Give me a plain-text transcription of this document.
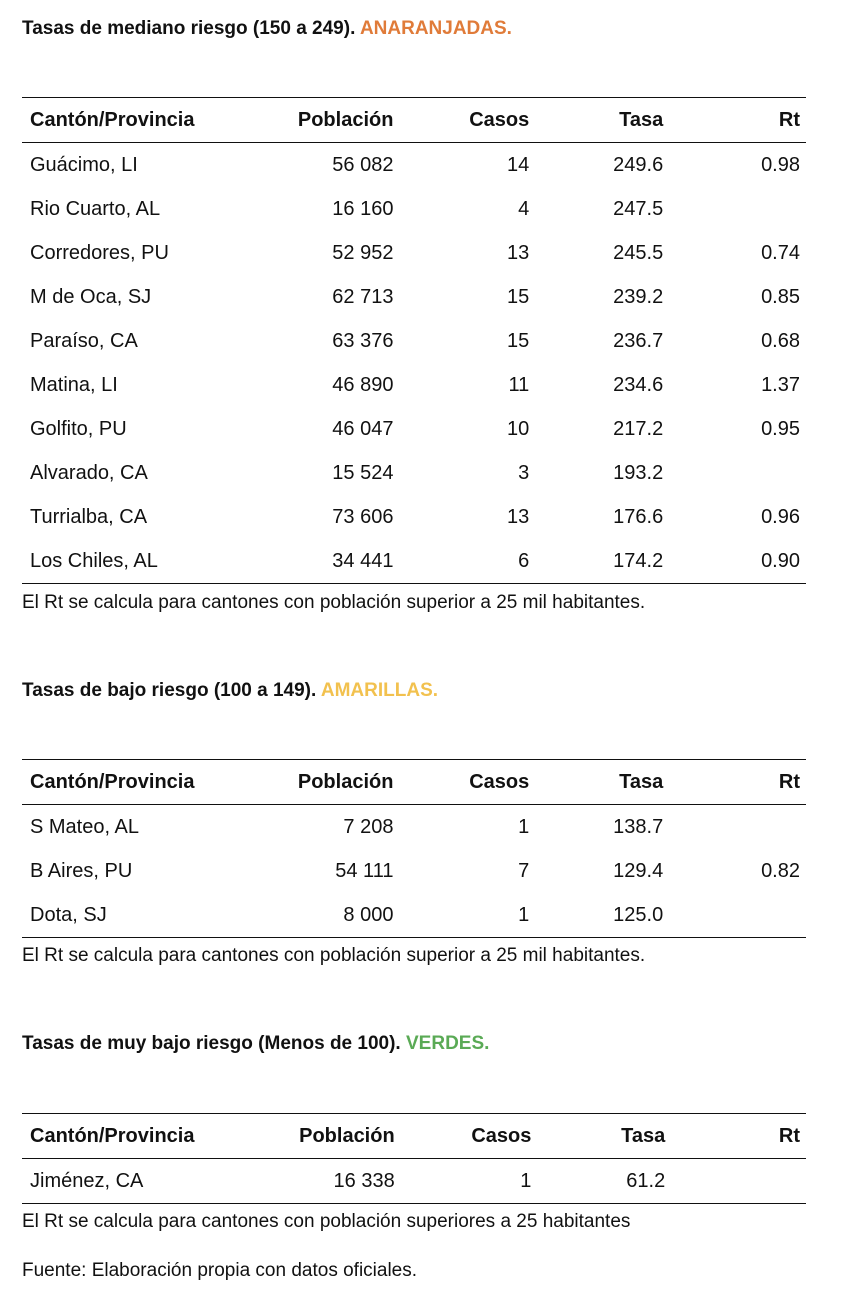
Tasas de mediano riesgo (150 a 249). ANARANJADAS.
Cantón/Provincia	Población	Casos	Tasa	Rt
Guácimo, LI	56 082	14	249.6	0.98
Rio Cuarto, AL	16 160	4	247.5	
Corredores, PU	52 952	13	245.5	0.74
M de Oca, SJ	62 713	15	239.2	0.85
Paraíso, CA	63 376	15	236.7	0.68
Matina, LI	46 890	11	234.6	1.37
Golfito, PU	46 047	10	217.2	0.95
Alvarado, CA	15 524	3	193.2	
Turrialba, CA	73 606	13	176.6	0.96
Los Chiles, AL	34 441	6	174.2	0.90
El Rt se calcula para cantones con población superior a 25 mil habitantes.
Tasas de bajo riesgo (100 a 149). AMARILLAS.
Cantón/Provincia	Población	Casos	Tasa	Rt
S Mateo, AL	7 208	1	138.7	
B Aires, PU	54 111	7	129.4	0.82
Dota, SJ	8 000	1	125.0	
El Rt se calcula para cantones con población superior a 25 mil habitantes.
Tasas de muy bajo riesgo (Menos de 100). VERDES.
Cantón/Provincia	Población	Casos	Tasa	Rt
Jiménez, CA	16 338	1	61.2	
El Rt se calcula para cantones con población superiores a 25 habitantes
Fuente: Elaboración propia con datos oficiales.
